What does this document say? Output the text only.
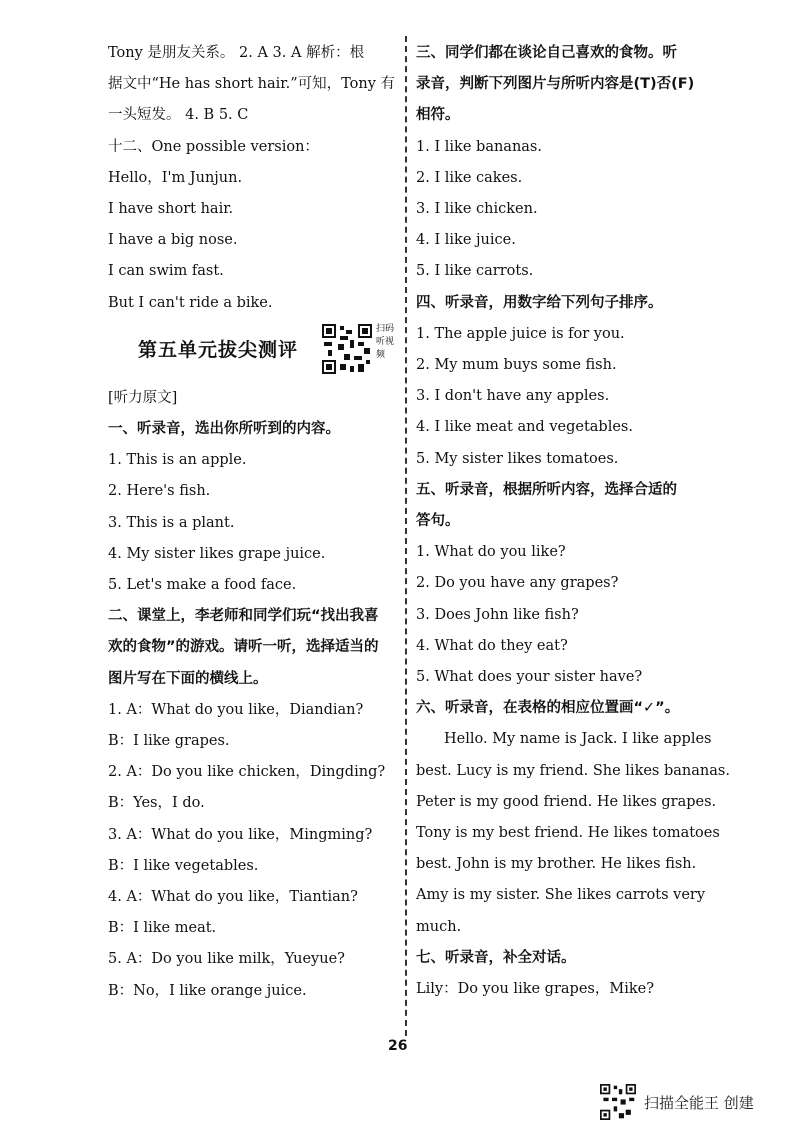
Tony 是朋友关系。 2. A 3. A 解析：根
据文中“He has short hair.”可知，Tony 有
一头短发。 4. B 5. C
十二、One possible version：
Hello，I'm Junjun.
I have short hair.
I have a big nose.
I can swim fast.
But I can't ride a bike.
第五单元拔尖测评
扫码听视频
[听力原文]
一、听录音，选出你所听到的内容。
1. This is an apple.
2. Here's fish.
3. This is a plant.
4. My sister likes grape juice.
5. Let's make a food face.
二、课堂上，李老师和同学们玩“找出我喜
欢的食物”的游戏。请听一听，选择适当的
图片写在下面的横线上。
1. A：What do you like，Diandian?
B：I like grapes.
2. A：Do you like chicken，Dingding?
B：Yes，I do.
3. A：What do you like，Mingming?
B：I like vegetables.
4. A：What do you like，Tiantian?
B：I like meat.
5. A：Do you like milk，Yueyue?
B：No，I like orange juice.
三、同学们都在谈论自己喜欢的食物。听
录音，判断下列图片与所听内容是(T)否(F)
相符。
1. I like bananas.
2. I like cakes.
3. I like chicken.
4. I like juice.
5. I like carrots.
四、听录音，用数字给下列句子排序。
1. The apple juice is for you.
2. My mum buys some fish.
3. I don't have any apples.
4. I like meat and vegetables.
5. My sister likes tomatoes.
五、听录音，根据所听内容，选择合适的
答句。
1. What do you like?
2. Do you have any grapes?
3. Does John like fish?
4. What do they eat?
5. What does your sister have?
六、听录音，在表格的相应位置画“✓”。
Hello. My name is Jack. I like apples
best. Lucy is my friend. She likes bananas.
Peter is my good friend. He likes grapes.
Tony is my best friend. He likes tomatoes
best. John is my brother. He likes fish.
Amy is my sister. She likes carrots very
much.
七、听录音，补全对话。
Lily：Do you like grapes，Mike?
26
扫描全能王 创建
